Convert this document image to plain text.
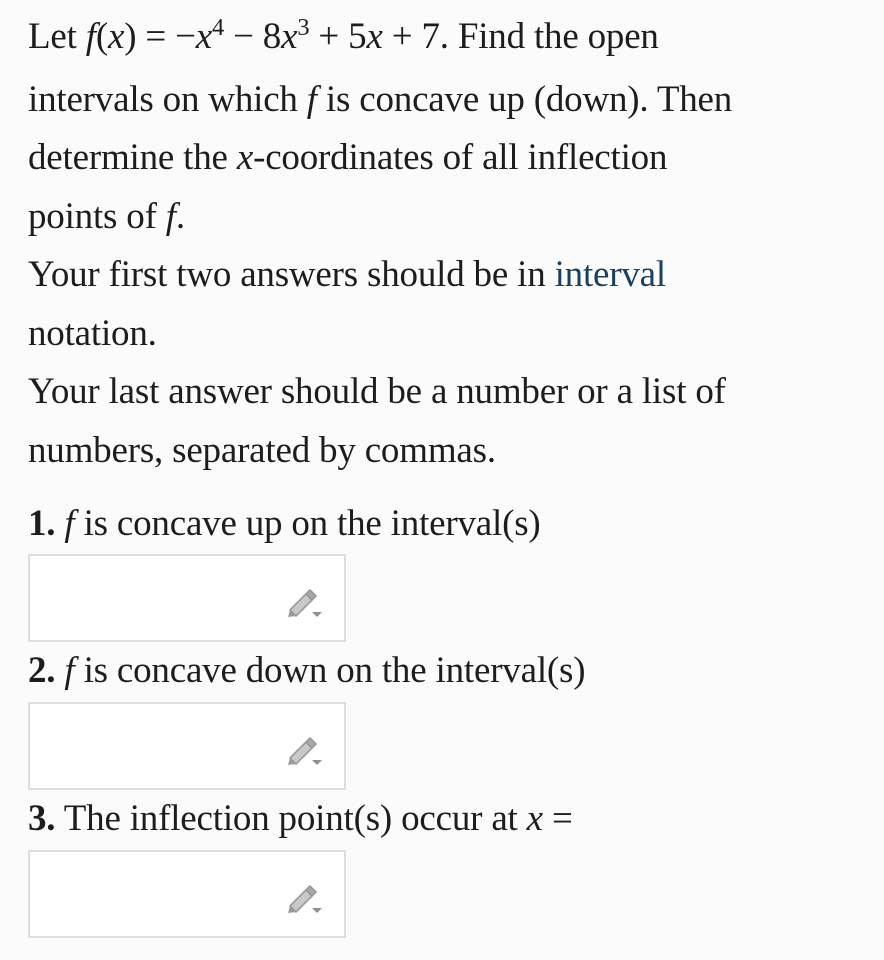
Let $f(x) = -x^4 - 8x^3 + 5x + 7$. Find the open

intervals on which f is concave up (down). Then

determine the x-coordinates of all inflection

points of f.

Your first two answers should be in interval
notation.

Your last answer should be a number or a list of numbers, separated by commas.

1. f is concave up on the interval(s)
2. f is concave down on the interval(s)
3. The inflection point(s) occur at x =
